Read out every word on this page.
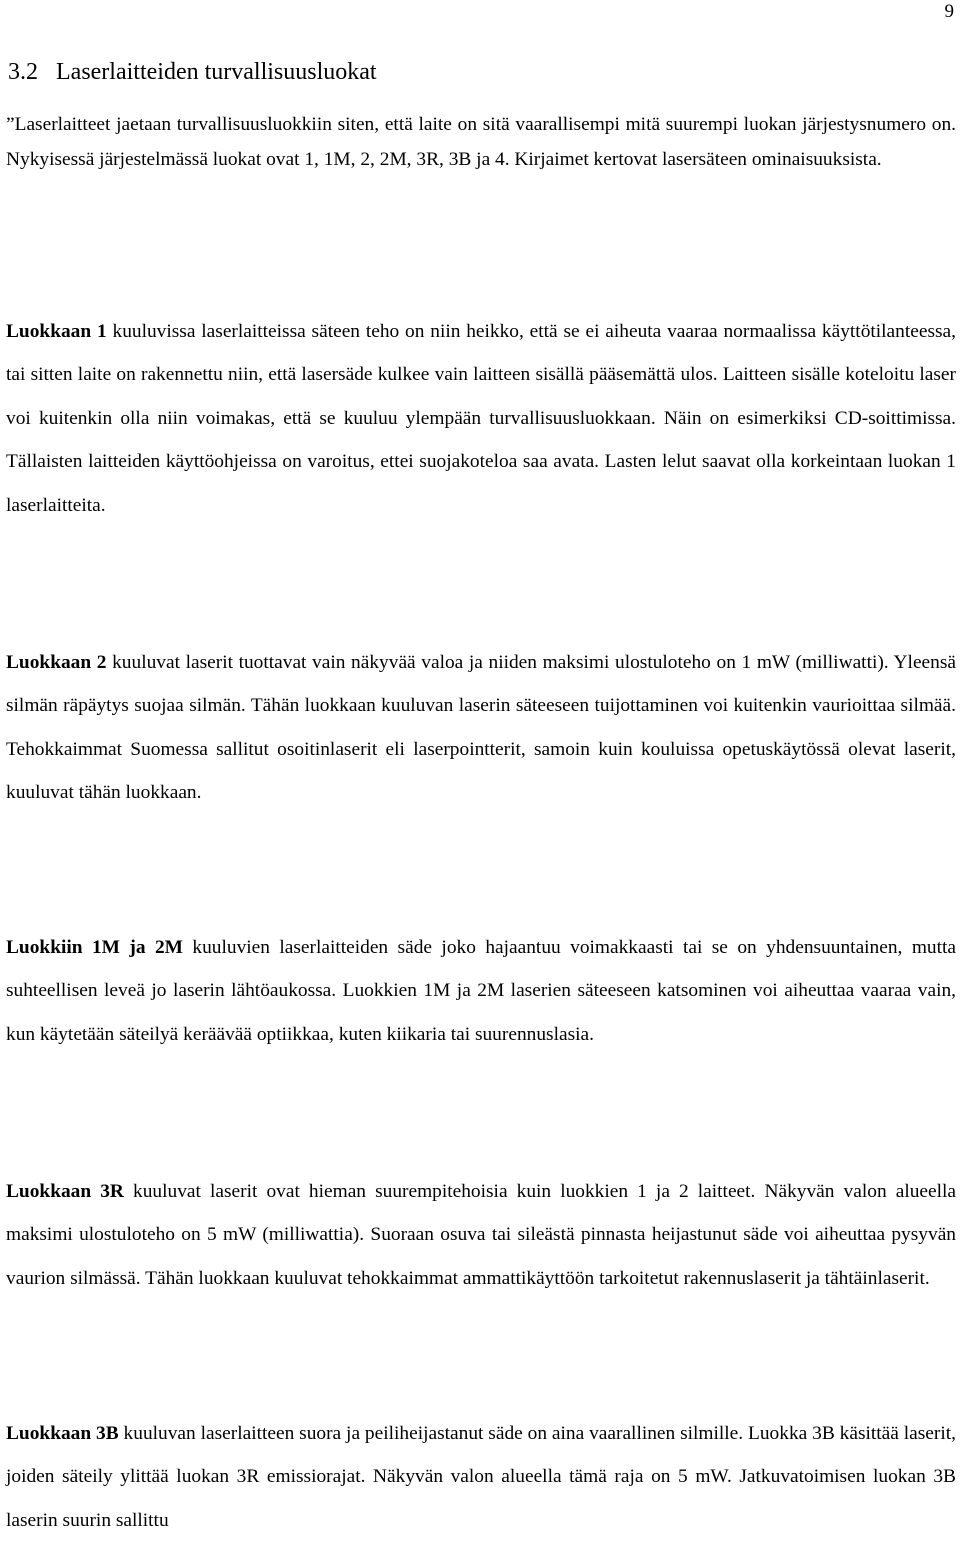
9
3.2 Laserlaitteiden turvallisuusluokat

”Laserlaitteet jaetaan turvallisuusluokkiin siten, että laite on sitä vaarallisempi mitä suurempi luokan järjestysnumero on. Nykyisessä järjestelmässä luokat ovat 1, 1M, 2, 2M, 3R, 3B ja 4. Kirjaimet kertovat lasersäteen ominaisuuksista.

Luokkaan 1 kuuluvissa laserlaitteissa säteen teho on niin heikko, että se ei aiheuta vaaraa normaalissa käyttötilanteessa, tai sitten laite on rakennettu niin, että lasersäde kulkee vain laitteen sisällä pääsemättä ulos. Laitteen sisälle koteloitu laser voi kuitenkin olla niin voimakas, että se kuuluu ylempään turvallisuusluokkaan. Näin on esimerkiksi CD-soittimissa. Tällaisten laitteiden käyttöohjeissa on varoitus, ettei suojakoteloa saa avata. Lasten lelut saavat olla korkeintaan luokan 1 laserlaitteita.

Luokkaan 2 kuuluvat laserit tuottavat vain näkyvää valoa ja niiden maksimi ulostuloteho on 1 mW (milliwatti). Yleensä silmän räpäytys suojaa silmän. Tähän luokkaan kuuluvan laserin säteeseen tuijottaminen voi kuitenkin vaurioittaa silmää. Tehokkaimmat Suomessa sallitut osoitinlaserit eli laserpointterit, samoin kuin kouluissa opetuskäytössä olevat laserit, kuuluvat tähän luokkaan.

Luokkiin 1M ja 2M kuuluvien laserlaitteiden säde joko hajaantuu voimakkaasti tai se on yhdensuuntainen, mutta suhteellisen leveä jo laserin lähtöaukossa. Luokkien 1M ja 2M laserien säteeseen katsominen voi aiheuttaa vaaraa vain, kun käytetään säteilyä keräävää optiikkaa, kuten kiikaria tai suurennuslasia.

Luokkaan 3R kuuluvat laserit ovat hieman suurempitehoisia kuin luokkien 1 ja 2 laitteet. Näkyvän valon alueella maksimi ulostuloteho on 5 mW (milliwattia). Suoraan osuva tai sileästä pinnasta heijastunut säde voi aiheuttaa pysyvän vaurion silmässä. Tähän luokkaan kuuluvat tehokkaimmat ammattikäyttöön tarkoitetut rakennuslaserit ja tähtäinlaserit.

Luokkaan 3B kuuluvan laserlaitteen suora ja peiliheijastanut säde on aina vaarallinen silmille. Luokka 3B käsittää laserit, joiden säteily ylittää luokan 3R emissiorajat. Näkyvän valon alueella tämä raja on 5 mW. Jatkuvatoimisen luokan 3B laserin suurin sallittu
